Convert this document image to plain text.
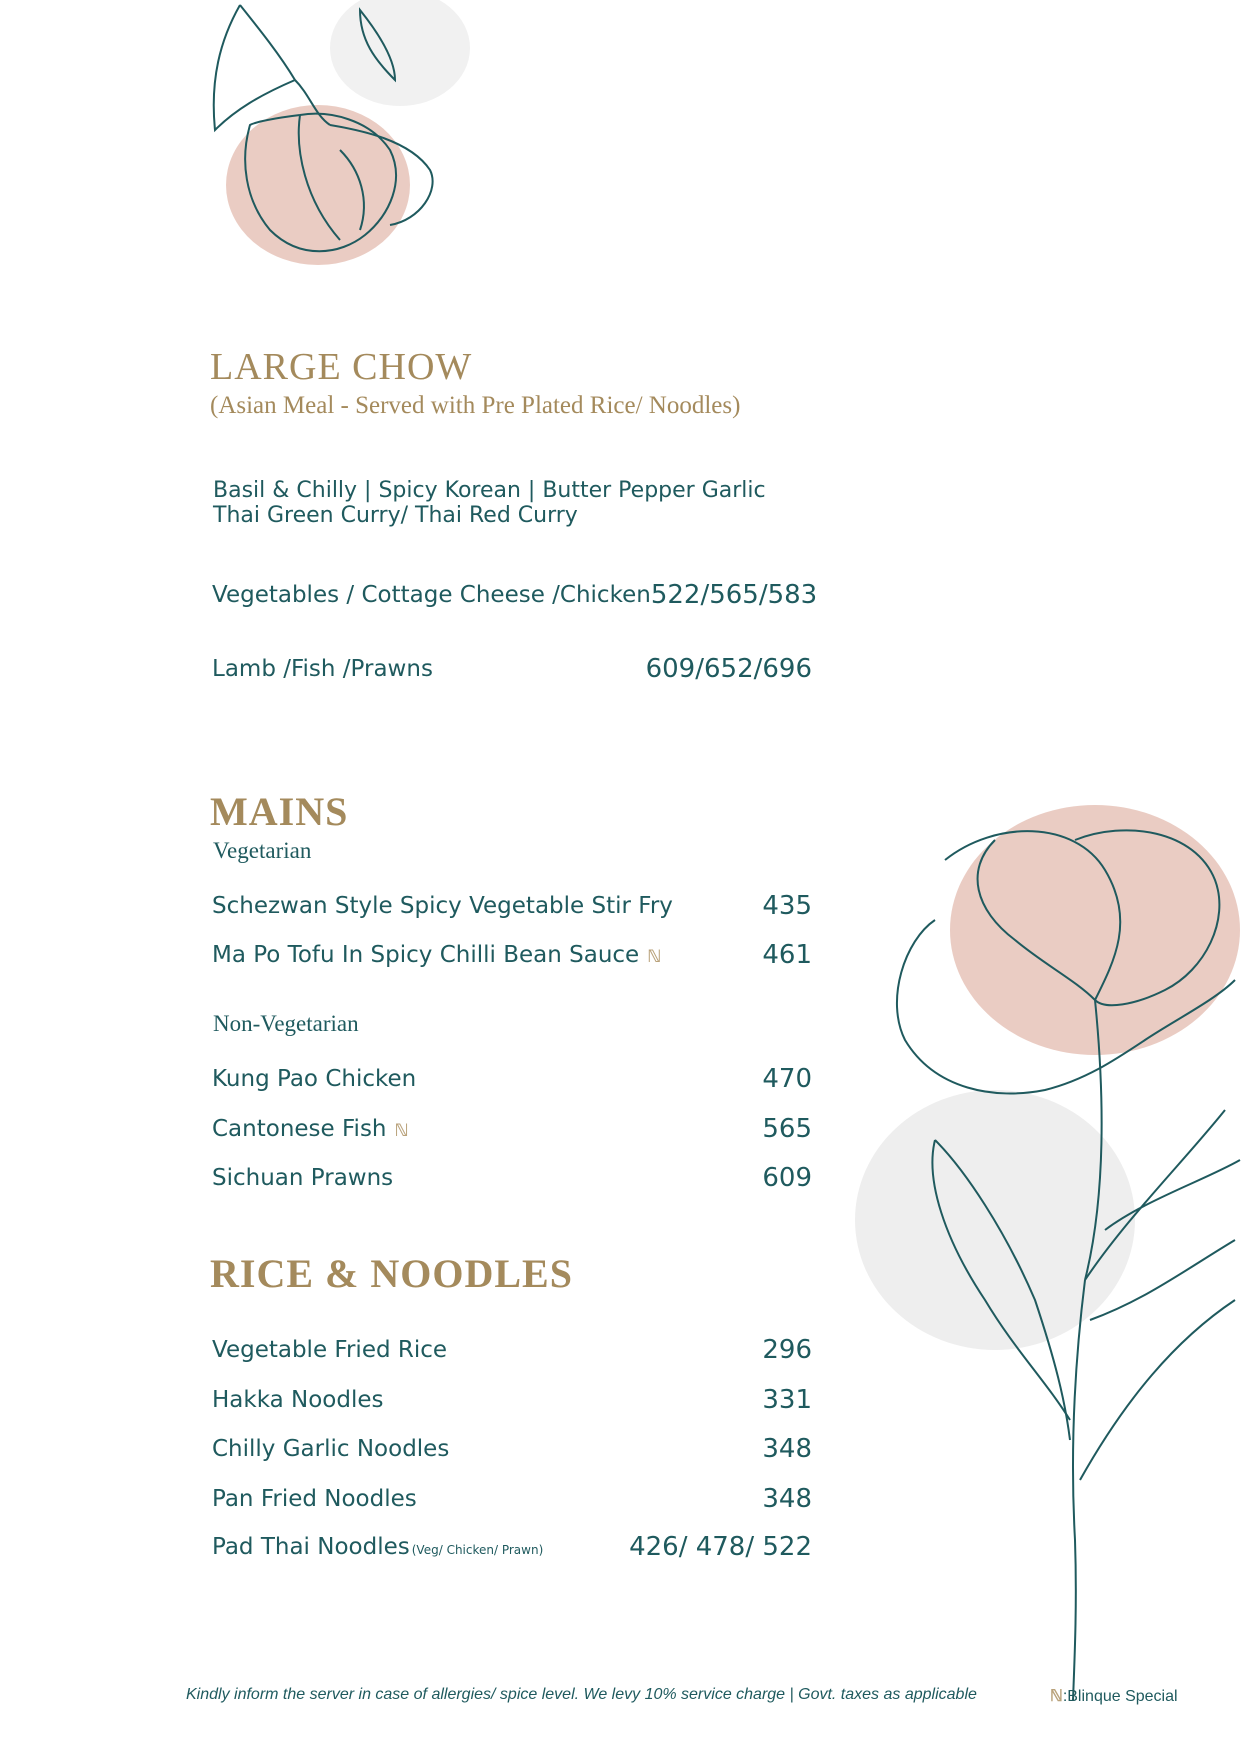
LARGE CHOW
(Asian Meal - Served with Pre Plated Rice/ Noodles)
Basil & Chilly | Spicy Korean | Butter Pepper Garlic
Thai Green Curry/ Thai Red Curry
Vegetables / Cottage Cheese /Chicken 522/565/583
Lamb /Fish /Prawns	609/652/696
MAINS
Vegetarian
Schezwan Style Spicy Vegetable Stir Fry	435
Ma Po Tofu In Spicy Chilli Bean Sauce ℕ	461
Non-Vegetarian
Kung Pao Chicken	470
Cantonese Fish ℕ	565
Sichuan Prawns	609
RICE & NOODLES
Vegetable Fried Rice	296
Hakka Noodles	331
Chilly Garlic Noodles	348
Pan Fried Noodles	348
Pad Thai Noodles (Veg/ Chicken/ Prawn)	426/ 478/ 522
Kindly inform the server in case of allergies/ spice level. We levy 10% service charge | Govt. taxes as applicable	ℕ:Blinque Special
